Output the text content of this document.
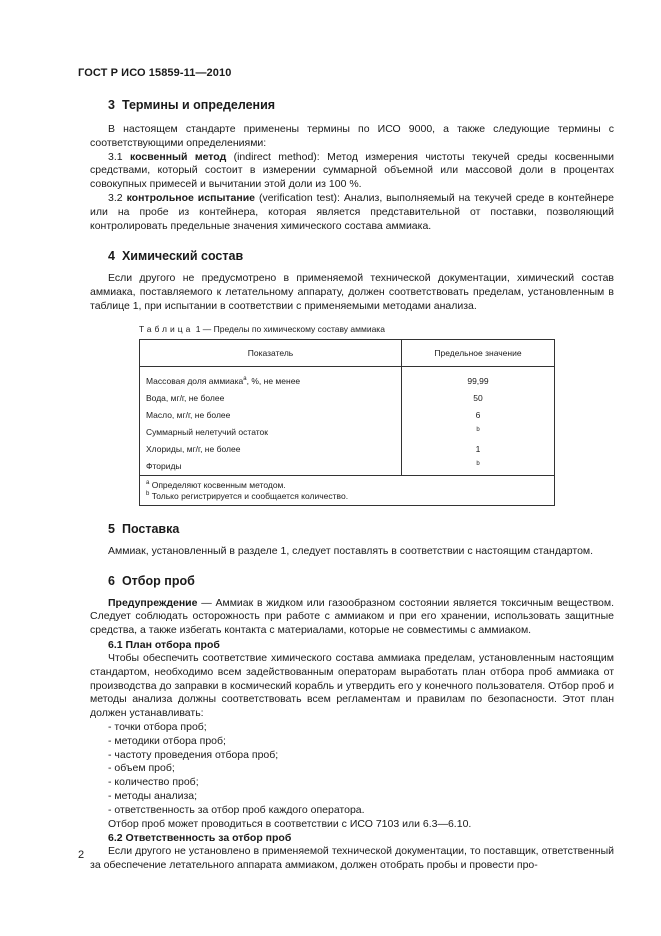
ГОСТ Р ИСО 15859-11—2010
3 Термины и определения

В настоящем стандарте применены термины по ИСО 9000, а также следующие термины с соответствующими определениями:

3.1 косвенный метод (indirect method): Метод измерения чистоты текучей среды косвенными средствами, который состоит в измерении суммарной объемной или массовой доли в процентах совокупных примесей и вычитании этой доли из 100 %.

3.2 контрольное испытание (verification test): Анализ, выполняемый на текучей среде в контейнере или на пробе из контейнера, которая является представительной от поставки, позволяющий контролировать предельные значения химического состава аммиака.

4 Химический состав

Если другого не предусмотрено в применяемой технической документации, химический состав аммиака, поставляемого к летательному аппарату, должен соответствовать пределам, установленным в таблице 1, при испытании в соответствии с применяемыми методами анализа.

Таблица 1 — Пределы по химическому составу аммиака
Показатель	Предельное значение
Массовая доля аммиака$^a$, %, не менее	99,99
Вода, мг/г, не более	50
Масло, мг/г, не более	6
Суммарный нелетучий остаток	$^b$
Хлориды, мг/г, не более	1
Фториды	$^b$

$^a$ Определяют косвенным методом.
$^b$ Только регистрируется и сообщается количество.	
5 Поставка

Аммиак, установленный в разделе 1, следует поставлять в соответствии с настоящим стандартом.

6 Отбор проб

Предупреждение — Аммиак в жидком или газообразном состоянии является токсичным веществом. Следует соблюдать осторожность при работе с аммиаком и при его хранении, использовать защитные средства, а также избегать контакта с материалами, которые не совместимы с аммиаком.

6.1 План отбора проб

Чтобы обеспечить соответствие химического состава аммиака пределам, установленным настоящим стандартом, необходимо всем задействованным операторам выработать план отбора проб аммиака от производства до заправки в космический корабль и утвердить его у конечного пользователя. Отбор проб и методы анализа должны соответствовать всем регламентам и правилам по безопасности. Этот план должен устанавливать:

- точки отбора проб;
- методики отбора проб;
- частоту проведения отбора проб;
- объем проб;
- количество проб;
- методы анализа;
- ответственность за отбор проб каждого оператора.

Отбор проб может проводиться в соответствии с ИСО 7103 или 6.3—6.10.

6.2 Ответственность за отбор проб

Если другого не установлено в применяемой технической документации, то поставщик, ответственный за обеспечение летательного аппарата аммиаком, должен отобрать пробы и провести про-

2
